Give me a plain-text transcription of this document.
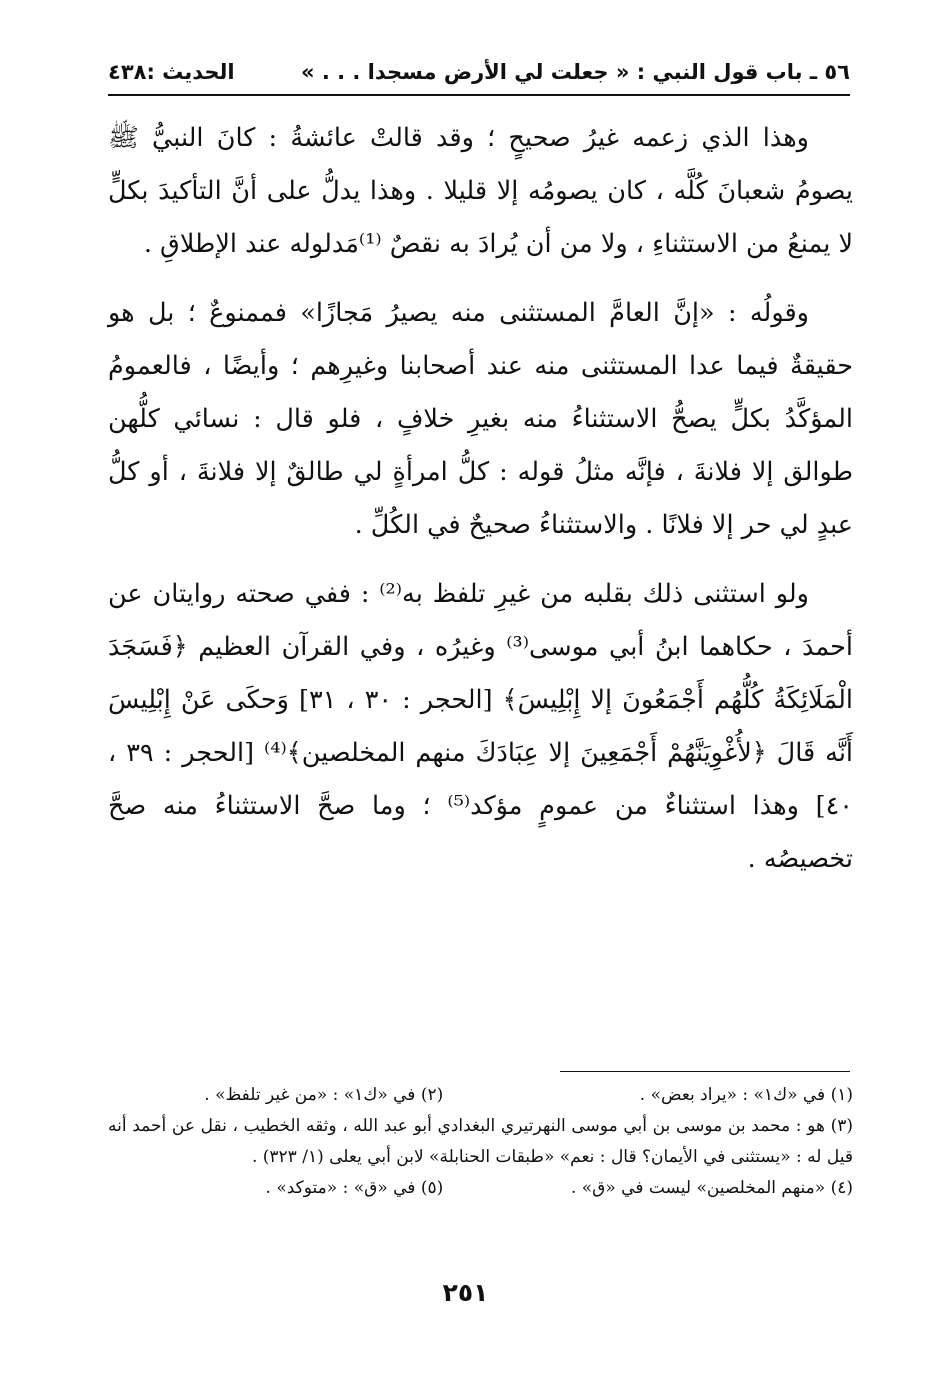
٥٦ ـ باب قول النبي : « جعلت لي الأرض مسجدا . . . »
الحديث :٤٣٨

وهذا الذي زعمه غيرُ صحيحٍ ؛ وقد قالتْ عائشةُ : كانَ النبيُّ ﷺ يصومُ شعبانَ كُلَّه ، كان يصومُه إلا قليلا . وهذا يدلُّ على أنَّ التأكيدَ بكلٍّ لا يمنعُ من الاستثناءِ ، ولا من أن يُرادَ به نقصٌ ⁽¹⁾مَدلوله عند الإطلاقِ .

وقولُه : «إنَّ العامَّ المستثنى منه يصيرُ مَجازًا» فممنوعٌ ؛ بل هو حقيقةٌ فيما عدا المستثنى منه عند أصحابنا وغيرِهم ؛ وأيضًا ، فالعمومُ المؤكَّدُ بكلٍّ يصحُّ الاستثناءُ منه بغيرِ خلافٍ ، فلو قال : نسائي كلُّهن طوالق إلا فلانةَ ، فإنَّه مثلُ قوله : كلُّ امرأةٍ لي طالقٌ إلا فلانةَ ، أو كلُّ عبدٍ لي حر إلا فلانًا . والاستثناءُ صحيحٌ في الكُلِّ .

ولو استثنى ذلك بقلبه من غيرِ تلفظ به⁽²⁾ : ففي صحته روايتان عن أحمدَ ، حكاهما ابنُ أبي موسى⁽³⁾ وغيرُه ، وفي القرآن العظيم ﴿فَسَجَدَ الْمَلَائِكَةُ كُلُّهُم أَجْمَعُونَ إلا إِبْلِيسَ﴾ [الحجر : ٣٠ ، ٣١] وَحكَى عَنْ إِبْلِيسَ أَنَّه قَالَ ﴿لأُغْوِيَنَّهُمْ أَجْمَعِينَ إلا عِبَادَكَ منهم المخلصين﴾⁽⁴⁾ [الحجر : ٣٩ ، ٤٠] وهذا استثناءٌ من عمومٍ مؤكد⁽⁵⁾ ؛ وما صحَّ الاستثناءُ منه صحَّ تخصيصُه .

(١) في «ك١» : «يراد بعض» .
(٢) في «ك١» : «من غير تلفظ» .
(٣) هو : محمد بن موسى بن أبي موسى النهرتيري البغدادي أبو عبد الله ، وثقه الخطيب ، نقل عن أحمد أنه قيل له : «يستثنى في الأيمان؟ قال : نعم» «طبقات الحنابلة» لابن أبي يعلى (١/ ٣٢٣) .
(٤) «منهم المخلصين» ليست في «ق» .
(٥) في «ق» : «متوكد» .
٢٥١
